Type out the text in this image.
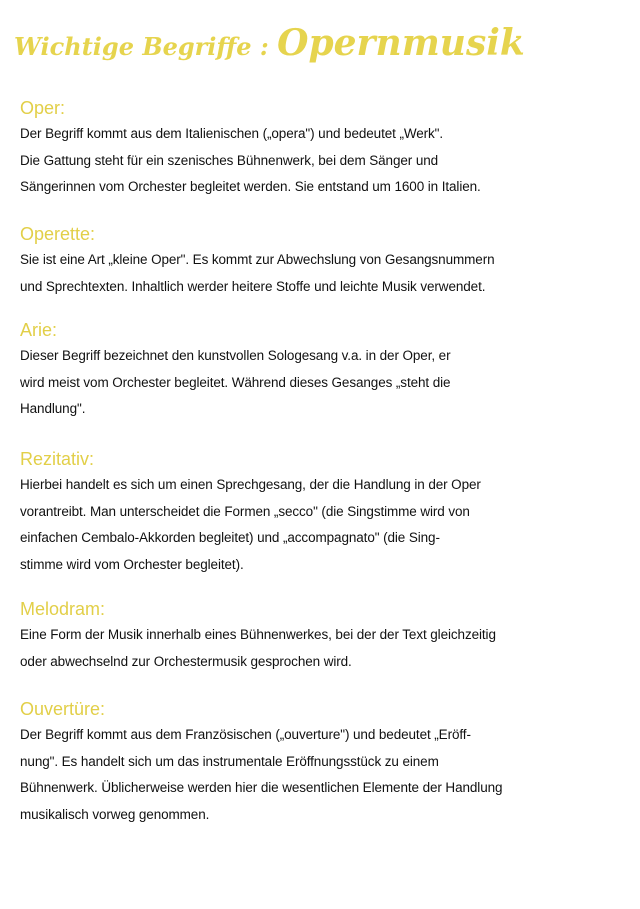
Wichtige Begriffe : Opernmusik
Oper:
Der Begriff kommt aus dem Italienischen („opera") und bedeutet „Werk".
Die Gattung steht für ein szenisches Bühnenwerk, bei dem Sänger und
Sängerinnen vom Orchester begleitet werden. Sie entstand um 1600 in Italien.
Operette:
Sie ist eine Art „kleine Oper". Es kommt zur Abwechslung von Gesangsnummern
und Sprechtexten. Inhaltlich werder heitere Stoffe und leichte Musik verwendet.
Arie:
Dieser Begriff bezeichnet den kunstvollen Sologesang v.a. in der Oper, er
wird meist vom Orchester begleitet. Während dieses Gesanges „steht die
Handlung".
Rezitativ:
Hierbei handelt es sich um einen Sprechgesang, der die Handlung in der Oper
vorantreibt. Man unterscheidet die Formen „secco" (die Singstimme wird von
einfachen Cembalo-Akkorden begleitet) und „accompagnato" (die Sing-
stimme wird vom Orchester begleitet).
Melodram:
Eine Form der Musik innerhalb eines Bühnenwerkes, bei der der Text gleichzeitig
oder abwechselnd zur Orchestermusik gesprochen wird.
Ouvertüre:
Der Begriff kommt aus dem Französischen („ouverture") und bedeutet „Eröff-
nung". Es handelt sich um das instrumentale Eröffnungsstück zu einem
Bühnenwerk. Üblicherweise werden hier die wesentlichen Elemente der Handlung
musikalisch vorweg genommen.
